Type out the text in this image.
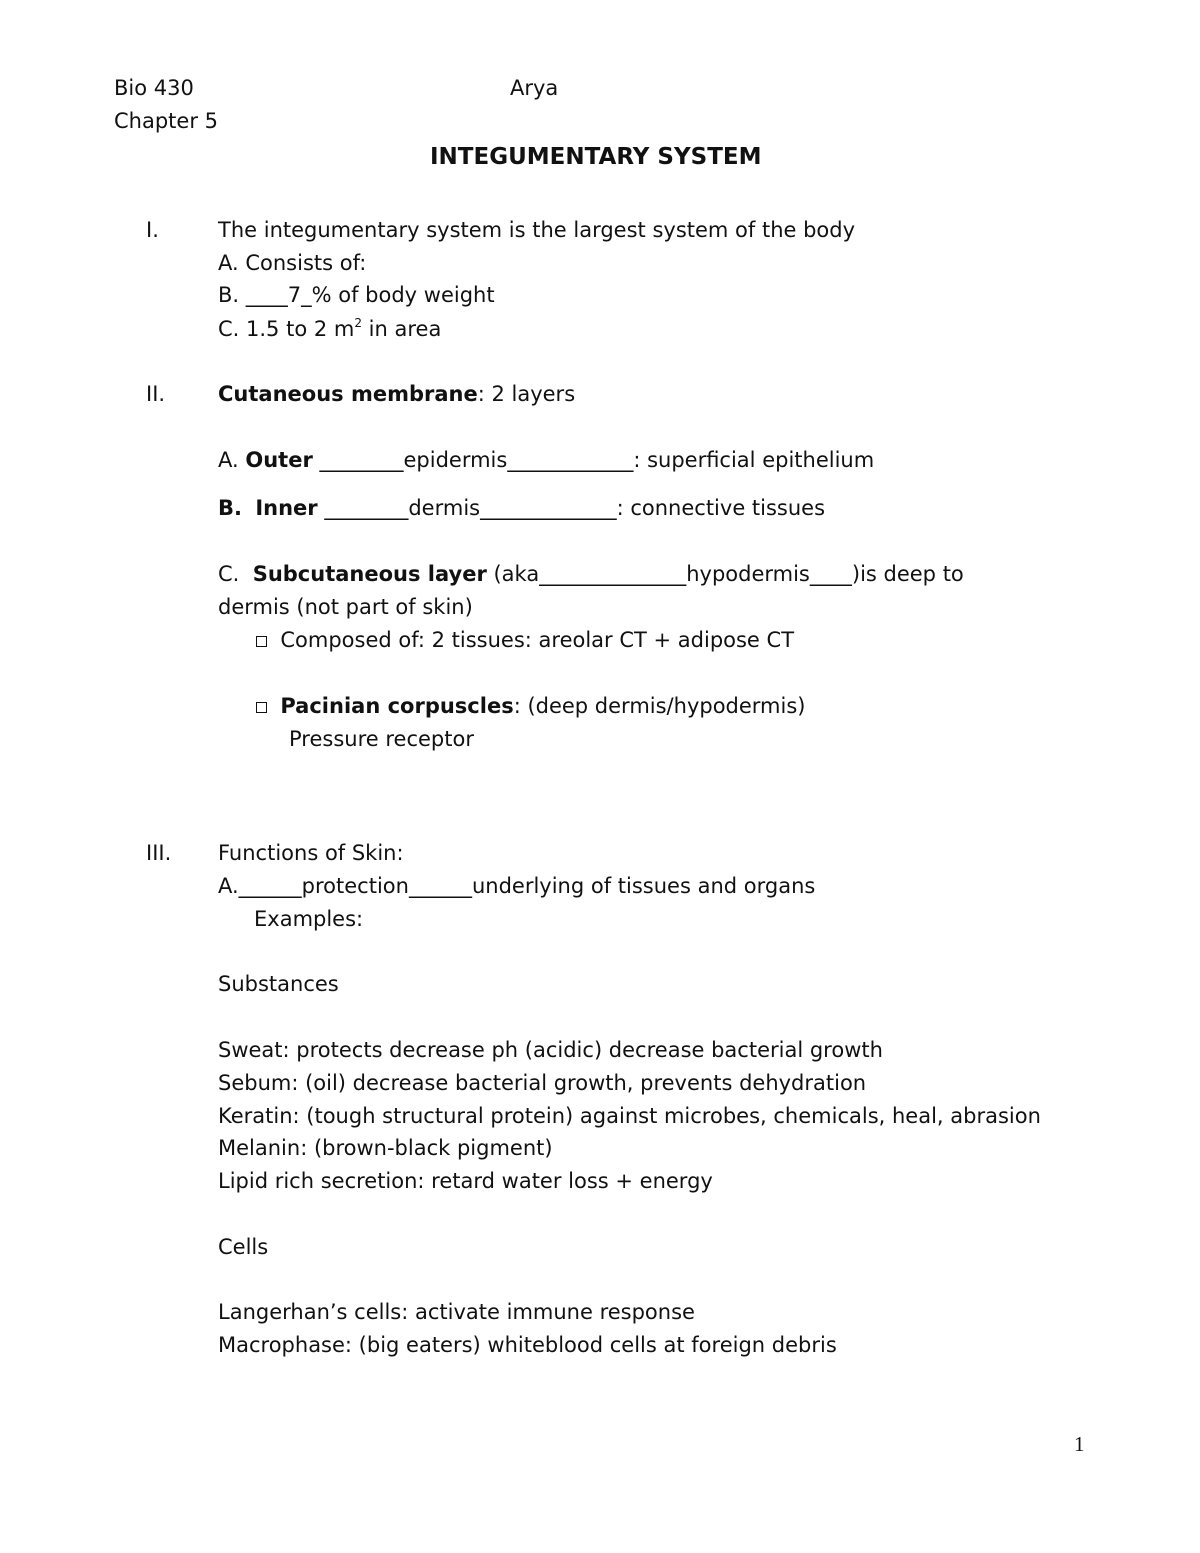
Bio 430	Arya
Chapter 5
INTEGUMENTARY SYSTEM
I.	The integumentary system is the largest system of the body
A. Consists of:
B. ____7_% of body weight
C. 1.5 to 2 $m^2$ in area
II.	Cutaneous membrane: 2 layers
A. Outer ________epidermis____________: superficial epithelium
B. Inner ________dermis_____________: connective tissues
C. Subcutaneous layer (aka______________hypodermis____)is deep to
dermis (not part of skin)
Composed of: 2 tissues: areolar CT + adipose CT
Pacinian corpuscles: (deep dermis/hypodermis)
Pressure receptor
III. Functions of Skin:
A.______protection______underlying of tissues and organs
Examples:
Substances
Sweat: protects decrease ph (acidic) decrease bacterial growth
Sebum: (oil) decrease bacterial growth, prevents dehydration
Keratin: (tough structural protein) against microbes, chemicals, heal, abrasion
Melanin: (brown-black pigment)
Lipid rich secretion: retard water loss + energy
Cells
Langerhan’s cells: activate immune response
Macrophase: (big eaters) whiteblood cells at foreign debris
1
